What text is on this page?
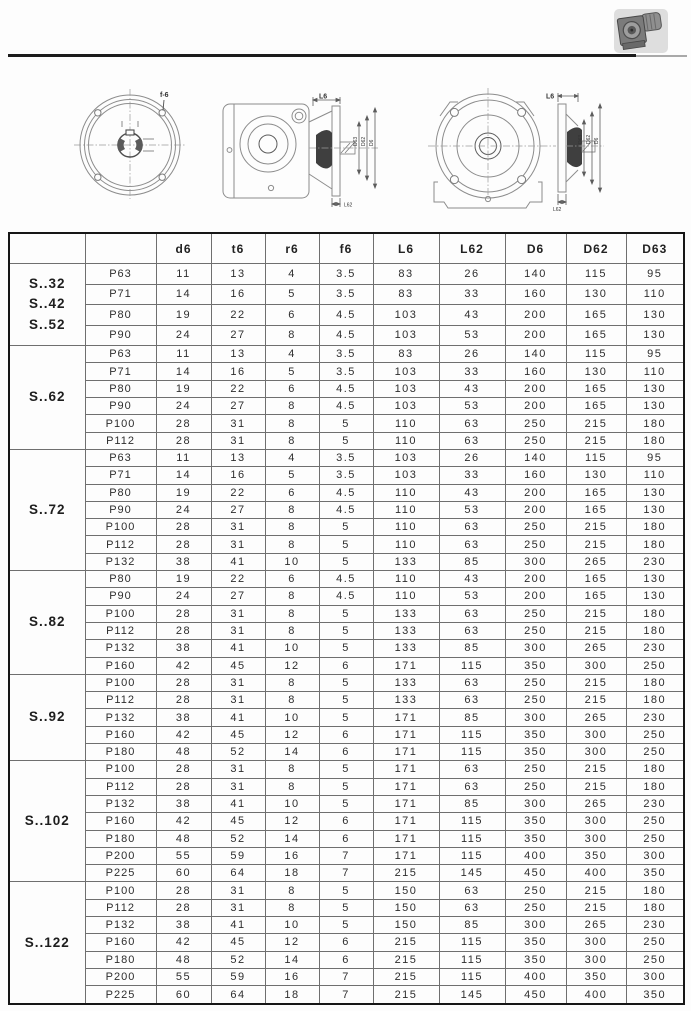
f-6	L6
L62
D63 D62 D6
L6
L62
D63 D62 D6
		d6	t6	r6	f6	L6	L62	D6	D62	D63

S..32
S..42
S..52	P63	11	13	4	3.5	83	26	140	115	95
	P71	14	16	5	3.5	83	33	160	130	110
	P80	19	22	6	4.5	103	43	200	165	130
	P90	24	27	8	4.5	103	53	200	165	130

S..62	P63	11	13	4	3.5	83	26	140	115	95
	P71	14	16	5	3.5	103	33	160	130	110
	P80	19	22	6	4.5	103	43	200	165	130
	P90	24	27	8	4.5	103	53	200	165	130
	P100	28	31	8	5	110	63	250	215	180
	P112	28	31	8	5	110	63	250	215	180

S..72	P63	11	13	4	3.5	103	26	140	115	95
	P71	14	16	5	3.5	103	33	160	130	110
	P80	19	22	6	4.5	110	43	200	165	130
	P90	24	27	8	4.5	110	53	200	165	130
	P100	28	31	8	5	110	63	250	215	180
	P112	28	31	8	5	110	63	250	215	180
	P132	38	41	10	5	133	85	300	265	230

S..82	P80	19	22	6	4.5	110	43	200	165	130
	P90	24	27	8	4.5	110	53	200	165	130
	P100	28	31	8	5	133	63	250	215	180
	P112	28	31	8	5	133	63	250	215	180
	P132	38	41	10	5	133	85	300	265	230
	P160	42	45	12	6	171	115	350	300	250

S..92	P100	28	31	8	5	133	63	250	215	180
	P112	28	31	8	5	133	63	250	215	180
	P132	38	41	10	5	171	85	300	265	230
	P160	42	45	12	6	171	115	350	300	250
	P180	48	52	14	6	171	115	350	300	250

S..102	P100	28	31	8	5	171	63	250	215	180
	P112	28	31	8	5	171	63	250	215	180
	P132	38	41	10	5	171	85	300	265	230
	P160	42	45	12	6	171	115	350	300	250
	P180	48	52	14	6	171	115	350	300	250
	P200	55	59	16	7	171	115	400	350	300
	P225	60	64	18	7	215	145	450	400	350

S..122	P100	28	31	8	5	150	63	250	215	180
	P112	28	31	8	5	150	63	250	215	180
	P132	38	41	10	5	150	85	300	265	230
	P160	42	45	12	6	215	115	350	300	250
	P180	48	52	14	6	215	115	350	300	250
	P200	55	59	16	7	215	115	400	350	300
	P225	60	64	18	7	215	145	450	400	350
